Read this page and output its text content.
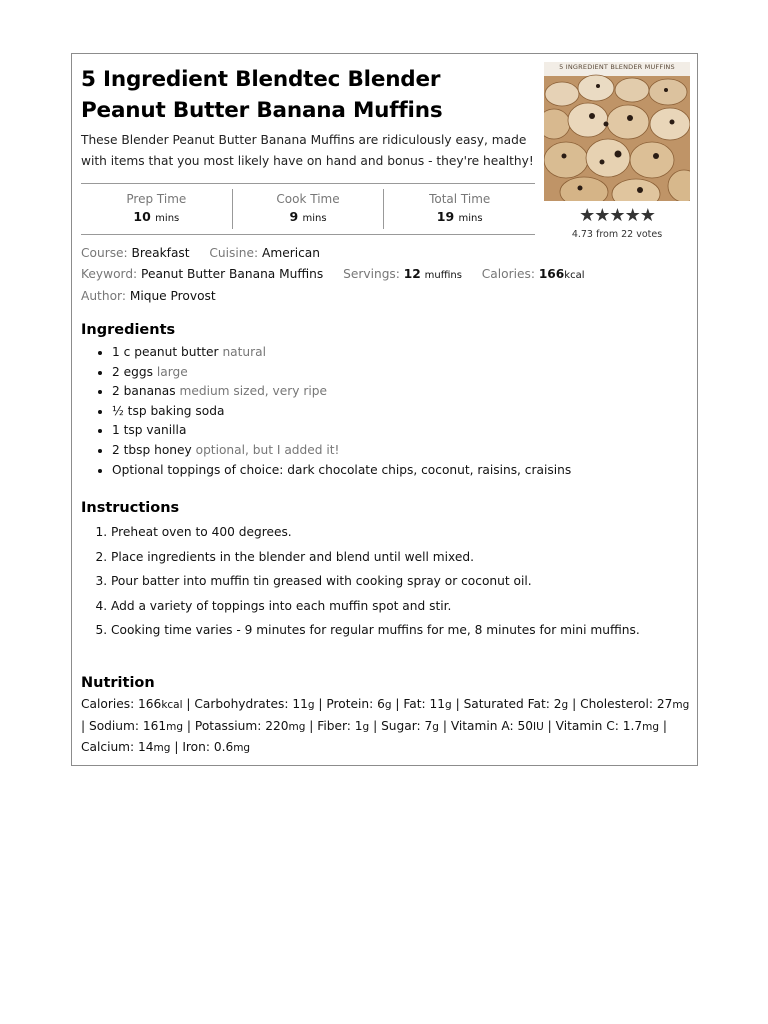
5 Ingredient Blendtec Blender Peanut Butter Banana Muffins
These Blender Peanut Butter Banana Muffins are ridiculously easy, made with items that you most likely have on hand and bonus - they're healthy!
5 INGREDIENT BLENDER MUFFINS
★★★★★
4.73 from 22 votes
Prep Time
10 mins
Cook Time
9 mins
Total Time
19 mins
Course: Breakfast Cuisine: American
Keyword: Peanut Butter Banana Muffins Servings: 12 muffins Calories: 166kcal
Author: Mique Provost
Ingredients
• 1 c peanut butter natural
• 2 eggs large
• 2 bananas medium sized, very ripe
• ½ tsp baking soda
• 1 tsp vanilla
• 2 tbsp honey optional, but I added it!
• Optional toppings of choice: dark chocolate chips, coconut, raisins, craisins
Instructions
1. Preheat oven to 400 degrees.
2. Place ingredients in the blender and blend until well mixed.
3. Pour batter into muffin tin greased with cooking spray or coconut oil.
4. Add a variety of toppings into each muffin spot and stir.
5. Cooking time varies - 9 minutes for regular muffins for me, 8 minutes for mini muffins.
Nutrition
Calories: 166kcal | Carbohydrates: 11g | Protein: 6g | Fat: 11g | Saturated Fat: 2g | Cholesterol: 27mg | Sodium: 161mg | Potassium: 220mg | Fiber: 1g | Sugar: 7g | Vitamin A: 50IU | Vitamin C: 1.7mg | Calcium: 14mg | Iron: 0.6mg
